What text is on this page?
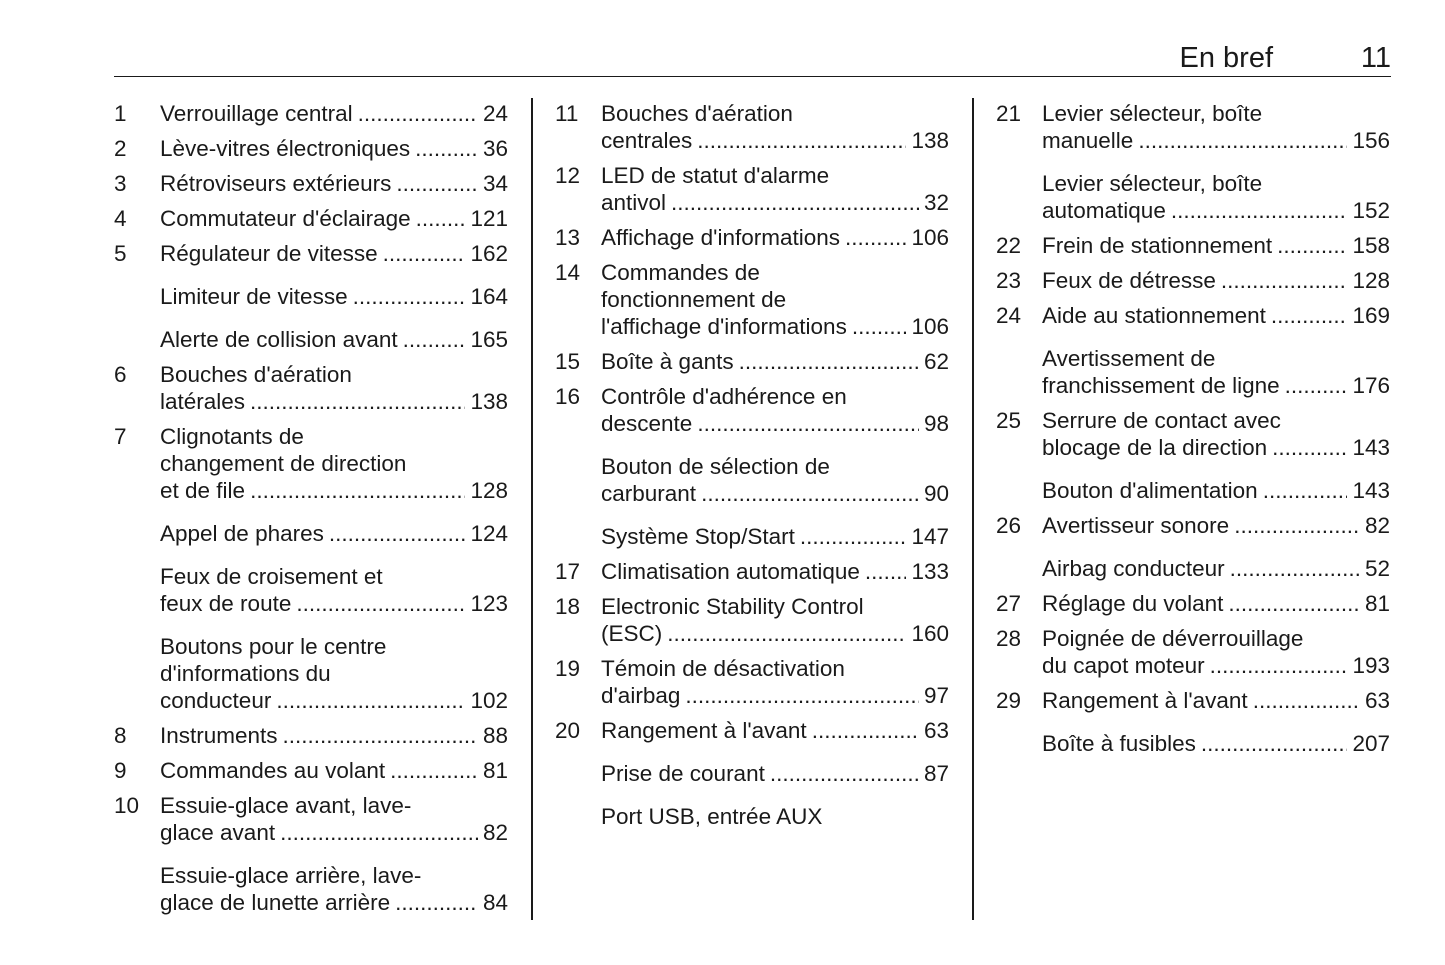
En bref	11
1 Verrouillage central .....	24
2 Lève-vitres électroniques .....	36
3 Rétroviseurs extérieurs .....	34
4 Commutateur d'éclairage .....	121
5 Régulateur de vitesse .....	162
Limiteur de vitesse .....	164
Alerte de collision avant .....	165
6 Bouches d'aération
latérales .....	138
7 Clignotants de
changement de direction
et de file .....	128
Appel de phares .....	124
Feux de croisement et
feux de route .....	123
Boutons pour le centre
d'informations du
conducteur .....	102
8 Instruments .....	88
9 Commandes au volant .....	81
10 Essuie-glace avant, lave-
glace avant .....	82
Essuie-glace arrière, lave-
glace de lunette arrière .....	84
11 Bouches d'aération
centrales .....	138
12 LED de statut d'alarme
antivol .....	32
13 Affichage d'informations .....	106
14 Commandes de
fonctionnement de
l'affichage d'informations .....	106
15 Boîte à gants .....	62
16 Contrôle d'adhérence en
descente .....	98
Bouton de sélection de
carburant .....	90
Système Stop/Start .....	147
17 Climatisation automatique ..... 133
18 Electronic Stability Control
(ESC) .....	160
19 Témoin de désactivation
d'airbag .....	97
20 Rangement à l'avant .....	63
Prise de courant .....	87
Port USB, entrée AUX
21 Levier sélecteur, boîte
manuelle .....	156
Levier sélecteur, boîte
automatique .....	152
22 Frein de stationnement .....	158
23 Feux de détresse .....	128
24 Aide au stationnement .....	169
Avertissement de
franchissement de ligne .....	176
25 Serrure de contact avec
blocage de la direction .....	143
Bouton d'alimentation .....	143
26 Avertisseur sonore .....	82
Airbag conducteur .....	52
27 Réglage du volant .....	81
28 Poignée de déverrouillage
du capot moteur .....	193
29 Rangement à l'avant .....	63
Boîte à fusibles .....	207
